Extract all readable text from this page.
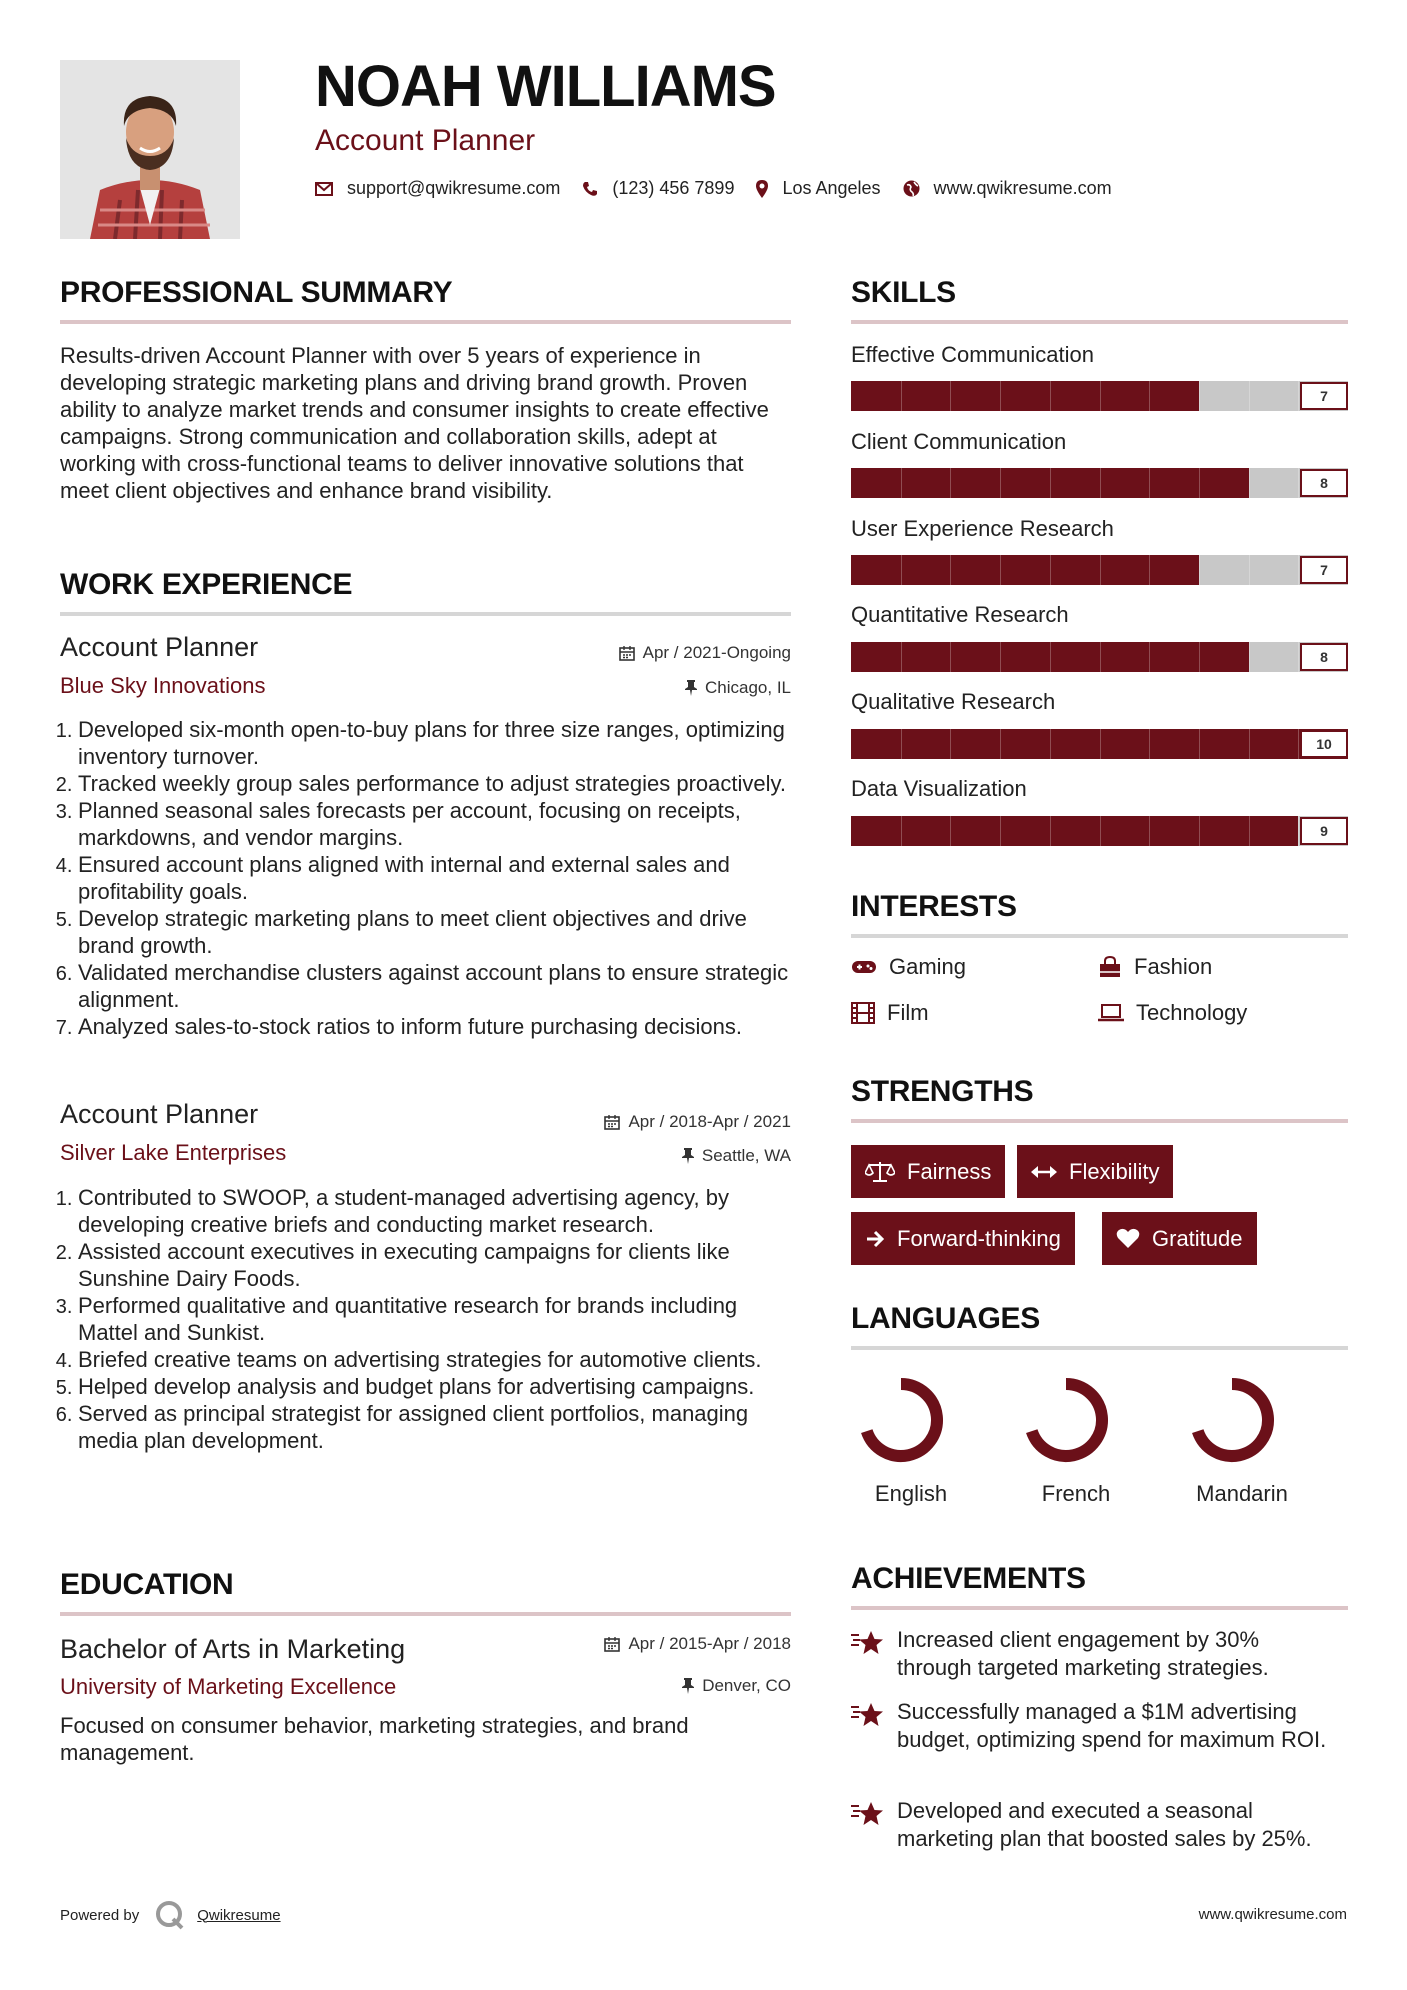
NOAH WILLIAMS
Account Planner
support@qwikresume.com	(123) 456 7899	Los Angeles	www.qwikresume.com
PROFESSIONAL SUMMARY
Results-driven Account Planner with over 5 years of experience in developing strategic marketing plans and driving brand growth. Proven ability to analyze market trends and consumer insights to create effective campaigns. Strong communication and collaboration skills, adept at working with cross-functional teams to deliver innovative solutions that meet client objectives and enhance brand visibility.
WORK EXPERIENCE
Account Planner	Apr / 2021-Ongoing
Blue Sky Innovations	Chicago, IL
1. Developed six-month open-to-buy plans for three size ranges, optimizing inventory turnover.
2. Tracked weekly group sales performance to adjust strategies proactively.
3. Planned seasonal sales forecasts per account, focusing on receipts, markdowns, and vendor margins.
4. Ensured account plans aligned with internal and external sales and profitability goals.
5. Develop strategic marketing plans to meet client objectives and drive brand growth.
6. Validated merchandise clusters against account plans to ensure strategic alignment.
7. Analyzed sales-to-stock ratios to inform future purchasing decisions.
Account Planner	Apr / 2018-Apr / 2021
Silver Lake Enterprises	Seattle, WA
1. Contributed to SWOOP, a student-managed advertising agency, by developing creative briefs and conducting market research.
2. Assisted account executives in executing campaigns for clients like Sunshine Dairy Foods.
3. Performed qualitative and quantitative research for brands including Mattel and Sunkist.
4. Briefed creative teams on advertising strategies for automotive clients.
5. Helped develop analysis and budget plans for advertising campaigns.
6. Served as principal strategist for assigned client portfolios, managing media plan development.
EDUCATION
Bachelor of Arts in Marketing	Apr / 2015-Apr / 2018
University of Marketing Excellence	Denver, CO
Focused on consumer behavior, marketing strategies, and brand management.
SKILLS
Effective Communication
7
Client Communication
8
User Experience Research
7
Quantitative Research
8
Qualitative Research
10
Data Visualization
9
INTERESTS
Gaming	Fashion
Film	Technology
STRENGTHS
Fairness	Flexibility
Forward-thinking	Gratitude
LANGUAGES
English	French	Mandarin
ACHIEVEMENTS
Increased client engagement by 30% through targeted marketing strategies.
Successfully managed a $1M advertising budget, optimizing spend for maximum ROI.
Developed and executed a seasonal marketing plan that boosted sales by 25%.
Powered by	Qwikresume	www.qwikresume.com
